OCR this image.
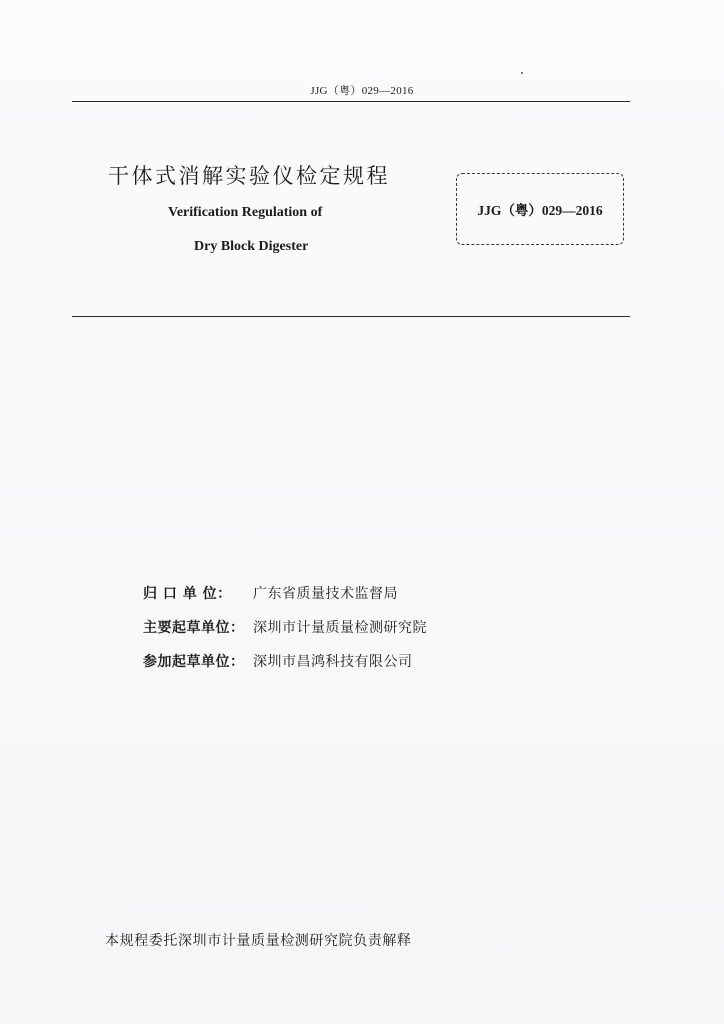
JJG（粤）029—2016
干体式消解实验仪检定规程
Verification Regulation of
Dry Block Digester
JJG（粤）029—2016
归 口 单 位：	广东省质量技术监督局
主要起草单位： 深圳市计量质量检测研究院
参加起草单位： 深圳市昌鸿科技有限公司
本规程委托深圳市计量质量检测研究院负责解释
